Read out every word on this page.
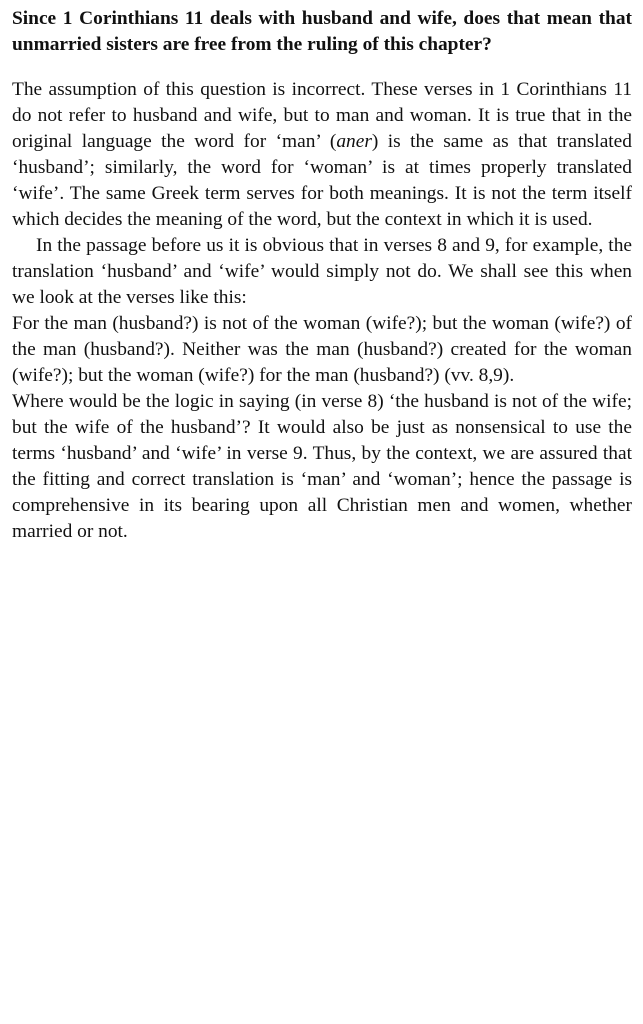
Since 1 Corinthians 11 deals with husband and wife, does that mean that unmarried sisters are free from the ruling of this chapter?

The assumption of this question is incorrect. These verses in 1 Corinthians 11 do not refer to husband and wife, but to man and woman. It is true that in the original language the word for ‘man’ (aner) is the same as that translated ‘husband’; similarly, the word for ‘woman’ is at times properly translated ‘wife’. The same Greek term serves for both meanings. It is not the term itself which decides the meaning of the word, but the context in which it is used.

In the passage before us it is obvious that in verses 8 and 9, for example, the translation ‘husband’ and ‘wife’ would simply not do. We shall see this when we look at the verses like this:

For the man (husband?) is not of the woman (wife?); but the woman (wife?) of the man (husband?). Neither was the man (husband?) created for the woman (wife?); but the woman (wife?) for the man (husband?) (vv. 8,9).

Where would be the logic in saying (in verse 8) ‘the husband is not of the wife; but the wife of the husband’? It would also be just as nonsensical to use the terms ‘husband’ and ‘wife’ in verse 9. Thus, by the context, we are assured that the fitting and correct translation is ‘man’ and ‘woman’; hence the passage is comprehensive in its bearing upon all Christian men and women, whether married or not.
